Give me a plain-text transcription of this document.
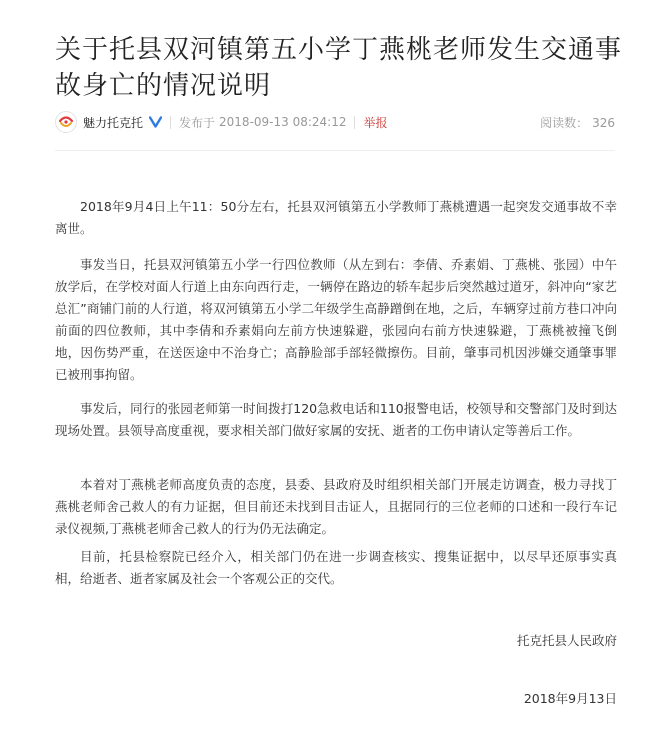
关于托县双河镇第五小学丁燕桃老师发生交通事故身亡的情况说明
魅力托克托	发布于 2018-09-13 08:24:12 举报	阅读数： 326

2018年9月4日上午11：50分左右，托县双河镇第五小学教师丁燕桃遭遇一起突发交通事故不幸离世。

事发当日，托县双河镇第五小学一行四位教师（从左到右：李倩、乔素娟、丁燕桃、张园）中午放学后，在学校对面人行道上由东向西行走，一辆停在路边的轿车起步后突然越过道牙，斜冲向“家艺总汇”商铺门前的人行道，将双河镇第五小学二年级学生高静蹭倒在地，之后，车辆穿过前方巷口冲向前面的四位教师，其中李倩和乔素娟向左前方快速躲避，张园向右前方快速躲避，丁燕桃被撞飞倒地，因伤势严重，在送医途中不治身亡；高静脸部手部轻微擦伤。目前，肇事司机因涉嫌交通肇事罪已被刑事拘留。

事发后，同行的张园老师第一时间拨打120急救电话和110报警电话，校领导和交警部门及时到达现场处置。县领导高度重视，要求相关部门做好家属的安抚、逝者的工伤申请认定等善后工作。

本着对丁燕桃老师高度负责的态度，县委、县政府及时组织相关部门开展走访调查，极力寻找丁燕桃老师舍己救人的有力证据，但目前还未找到目击证人，且据同行的三位老师的口述和一段行车记录仪视频,丁燕桃老师舍己救人的行为仍无法确定。

目前，托县检察院已经介入，相关部门仍在进一步调查核实、搜集证据中，以尽早还原事实真相，给逝者、逝者家属及社会一个客观公正的交代。

托克托县人民政府

2018年9月13日
